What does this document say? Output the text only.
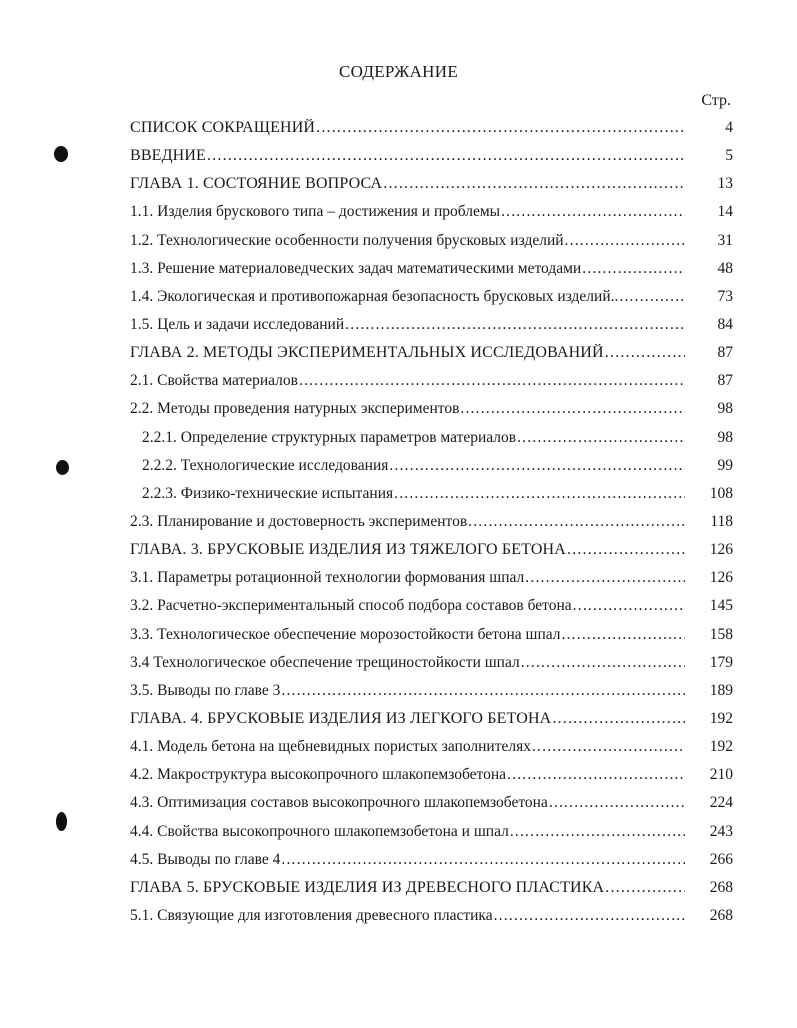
СОДЕРЖАНИЕ
Стр.
СПИСОК СОКРАЩЕНИЙ .....	4
ВВЕДНИЕ .....	5
ГЛАВА 1. СОСТОЯНИЕ ВОПРОСА .....	13
1.1. Изделия брускового типа – достижения и проблемы .....	14
1.2. Технологические особенности получения брусковых изделий .....	31
1.3. Решение материаловедческих задач математическими методами .....	48
1.4. Экологическая и противопожарная безопасность брусковых изделий.. .....	73
1.5. Цель и задачи исследований .....	84
ГЛАВА 2. МЕТОДЫ ЭКСПЕРИМЕНТАЛЬНЫХ ИССЛЕДОВАНИЙ .....	87
2.1. Свойства материалов .....	87
2.2. Методы проведения натурных экспериментов .....	98
2.2.1. Определение структурных параметров материалов .....	98
2.2.2. Технологические исследования .....	99
2.2.3. Физико-технические испытания .....	108
2.3. Планирование и достоверность экспериментов .....	118
ГЛАВА. 3. БРУСКОВЫЕ ИЗДЕЛИЯ ИЗ ТЯЖЕЛОГО БЕТОНА .....	126
3.1. Параметры ротационной технологии формования шпал .....	126
3.2. Расчетно-экспериментальный способ подбора составов бетона .....	145
3.3. Технологическое обеспечение морозостойкости бетона шпал .....	158
3.4 Технологическое обеспечение трещиностойкости шпал .....	179
3.5. Выводы по главе 3 .....	189
ГЛАВА. 4. БРУСКОВЫЕ ИЗДЕЛИЯ ИЗ ЛЕГКОГО БЕТОНА .....	192
4.1. Модель бетона на щебневидных пористых заполнителях .....	192
4.2. Макроструктура высокопрочного шлакопемзобетона .....	210
4.3. Оптимизация составов высокопрочного шлакопемзобетона .....	224
4.4. Свойства высокопрочного шлакопемзобетона и шпал .....	243
4.5. Выводы по главе 4 .....	266
ГЛАВА 5. БРУСКОВЫЕ ИЗДЕЛИЯ ИЗ ДРЕВЕСНОГО ПЛАСТИКА .....	268
5.1. Связующие для изготовления древесного пластика .....	268
